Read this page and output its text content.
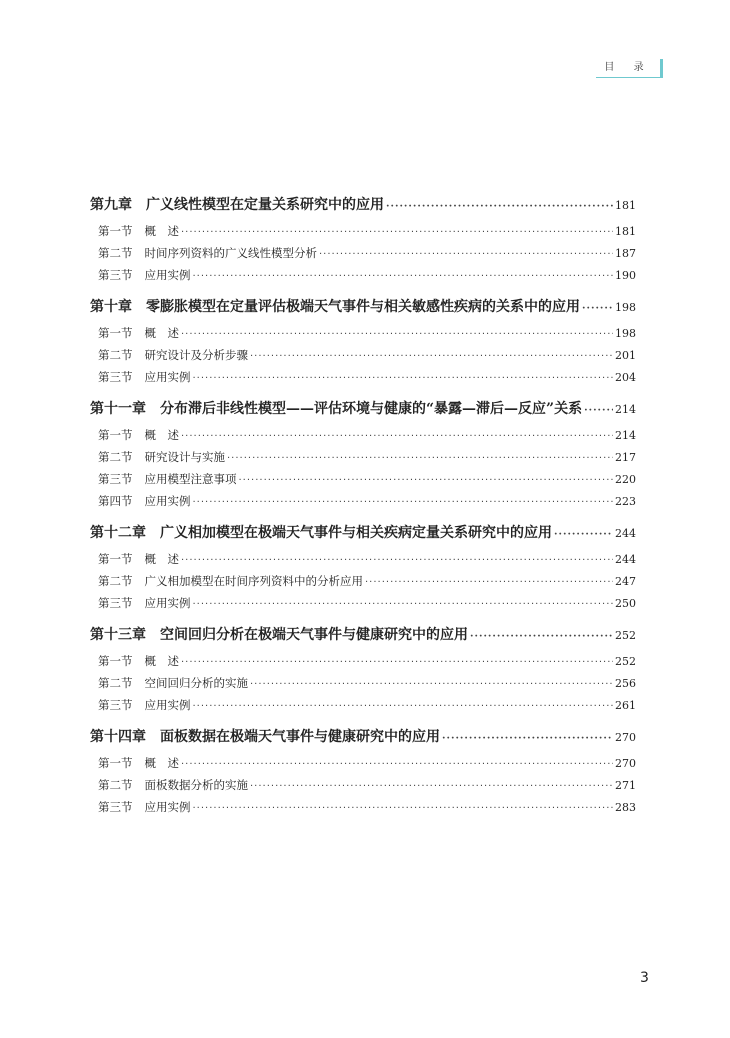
目 录
第九章 广义线性模型在定量关系研究中的应用 ·····	181
第一节 概　述 ·····	181
第二节 时间序列资料的广义线性模型分析 ·····	187
第三节 应用实例 ·····	190
第十章 零膨胀模型在定量评估极端天气事件与相关敏感性疾病的关系中的应用 ·····	198
第一节 概　述 ·····	198
第二节 研究设计及分析步骤 ·····	201
第三节 应用实例 ·····	204
第十一章 分布滞后非线性模型——评估环境与健康的“暴露—滞后—反应”关系 ·····	214
第一节 概　述 ·····	214
第二节 研究设计与实施 ·····	217
第三节 应用模型注意事项 ·····	220
第四节 应用实例 ·····	223
第十二章 广义相加模型在极端天气事件与相关疾病定量关系研究中的应用 ·····	244
第一节 概　述 ·····	244
第二节 广义相加模型在时间序列资料中的分析应用 ·····	247
第三节 应用实例 ·····	250
第十三章 空间回归分析在极端天气事件与健康研究中的应用 ·····	252
第一节 概　述 ·····	252
第二节 空间回归分析的实施 ·····	256
第三节 应用实例 ·····	261
第十四章 面板数据在极端天气事件与健康研究中的应用 ·····	270
第一节 概　述 ·····	270
第二节 面板数据分析的实施 ·····	271
第三节 应用实例 ·····	283
3
